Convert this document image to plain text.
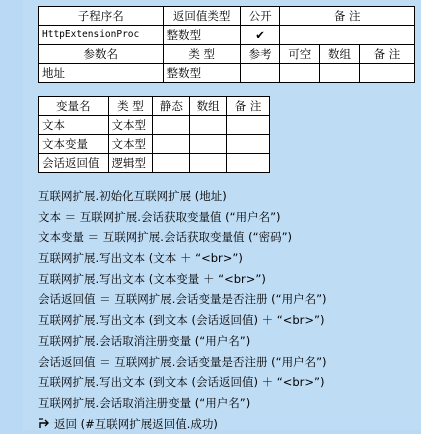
子程序名	返回值类型	公开	备 注		
HttpExtensionProc	整数型	✔			
参数名	类 型	参考	可空	数组	备 注
地址	整数型				
变量名	类 型	静态	数组	备 注
文本	文本型			
文本变量	文本型			
会话返回值	逻辑型			
互联网扩展.初始化互联网扩展 (地址)
文本 ＝ 互联网扩展.会话获取变量值 (“用户名”)
文本变量 ＝ 互联网扩展.会话获取变量值 (“密码”)
互联网扩展.写出文本 (文本 ＋ “<br>”)
互联网扩展.写出文本 (文本变量 ＋ “<br>”)
会话返回值 ＝ 互联网扩展.会话变量是否注册 (“用户名”)
互联网扩展.写出文本 (到文本 (会话返回值) ＋ “<br>”)
互联网扩展.会话取消注册变量 (“用户名”)
会话返回值 ＝ 互联网扩展.会话变量是否注册 (“用户名”)
互联网扩展.写出文本 (到文本 (会话返回值) ＋ “<br>”)
互联网扩展.会话取消注册变量 (“用户名”)
返回 (#互联网扩展返回值.成功)
